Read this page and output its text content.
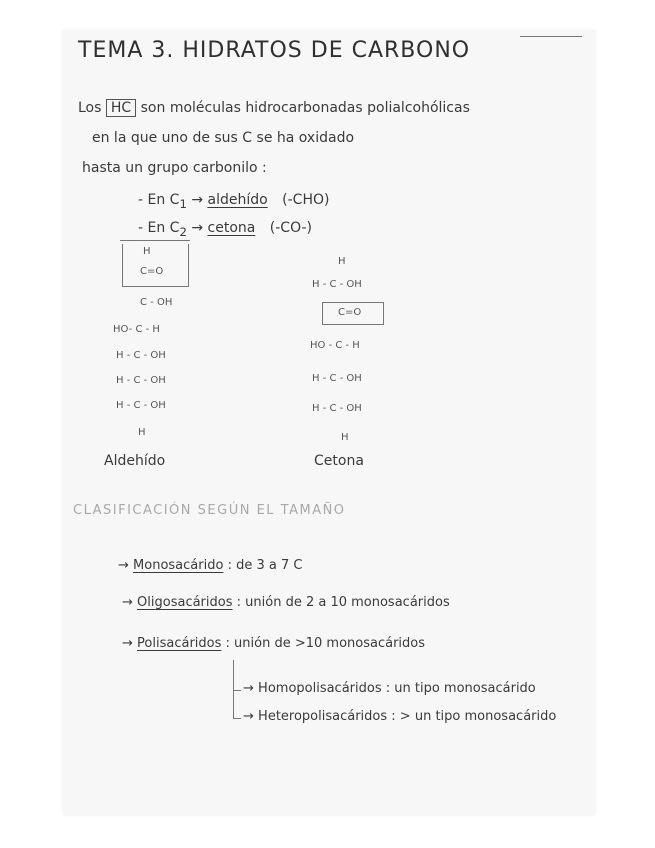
TEMA 3. HIDRATOS DE CARBONO
Los HC son moléculas hidrocarbonadas polialcohólicas
en la que uno de sus C se ha oxidado
hasta un grupo carbonilo :
- En $C_1$ → aldehído (-CHO)
- En $C_2$ → cetona (-CO-)
H
C=O
C - OH
HO- C - H
H - C - OH
H - C - OH
H - C - OH
H
Aldehído
H
H - C - OH
C=O
HO - C - H
H - C - OH
H - C - OH
H
Cetona
CLASIFICACIÓN SEGÚN EL TAMAÑO
→ Monosacárido : de 3 a 7 C
→ Oligosacáridos : unión de 2 a 10 monosacáridos
→ Polisacáridos : unión de >10 monosacáridos
→ Homopolisacáridos : un tipo monosacárido
→ Heteropolisacáridos : > un tipo monosacárido
